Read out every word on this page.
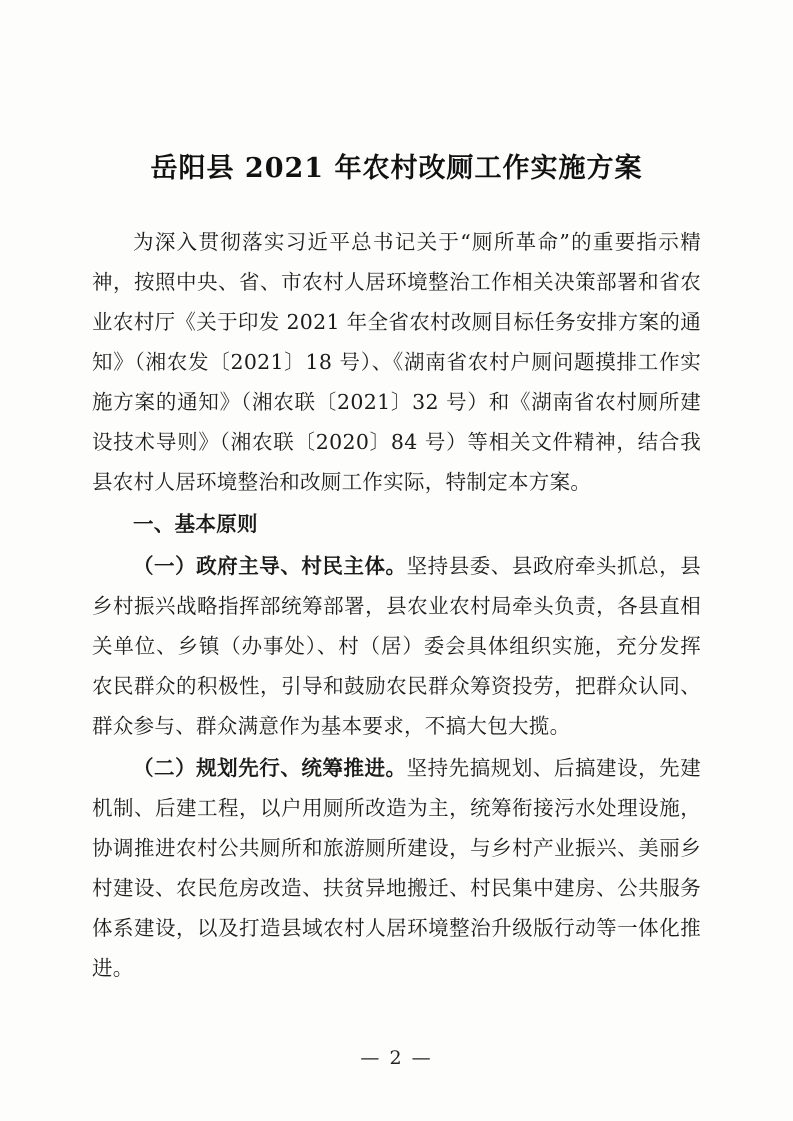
岳阳县 2021 年农村改厕工作实施方案

为深入贯彻落实习近平总书记关于“厕所革命”的重要指示精神，按照中央、省、市农村人居环境整治工作相关决策部署和省农业农村厅《关于印发 2021 年全省农村改厕目标任务安排方案的通知》（湘农发〔2021〕18 号）、《湖南省农村户厕问题摸排工作实施方案的通知》（湘农联〔2021〕32 号）和《湖南省农村厕所建设技术导则》（湘农联〔2020〕84 号）等相关文件精神，结合我县农村人居环境整治和改厕工作实际，特制定本方案。

一、基本原则

（一）政府主导、村民主体。坚持县委、县政府牵头抓总，县乡村振兴战略指挥部统筹部署，县农业农村局牵头负责，各县直相关单位、乡镇（办事处）、村（居）委会具体组织实施，充分发挥农民群众的积极性，引导和鼓励农民群众筹资投劳，把群众认同、群众参与、群众满意作为基本要求，不搞大包大揽。

（二）规划先行、统筹推进。坚持先搞规划、后搞建设，先建机制、后建工程，以户用厕所改造为主，统筹衔接污水处理设施，协调推进农村公共厕所和旅游厕所建设，与乡村产业振兴、美丽乡村建设、农民危房改造、扶贫异地搬迁、村民集中建房、公共服务体系建设，以及打造县域农村人居环境整治升级版行动等一体化推进。

— 2 —
